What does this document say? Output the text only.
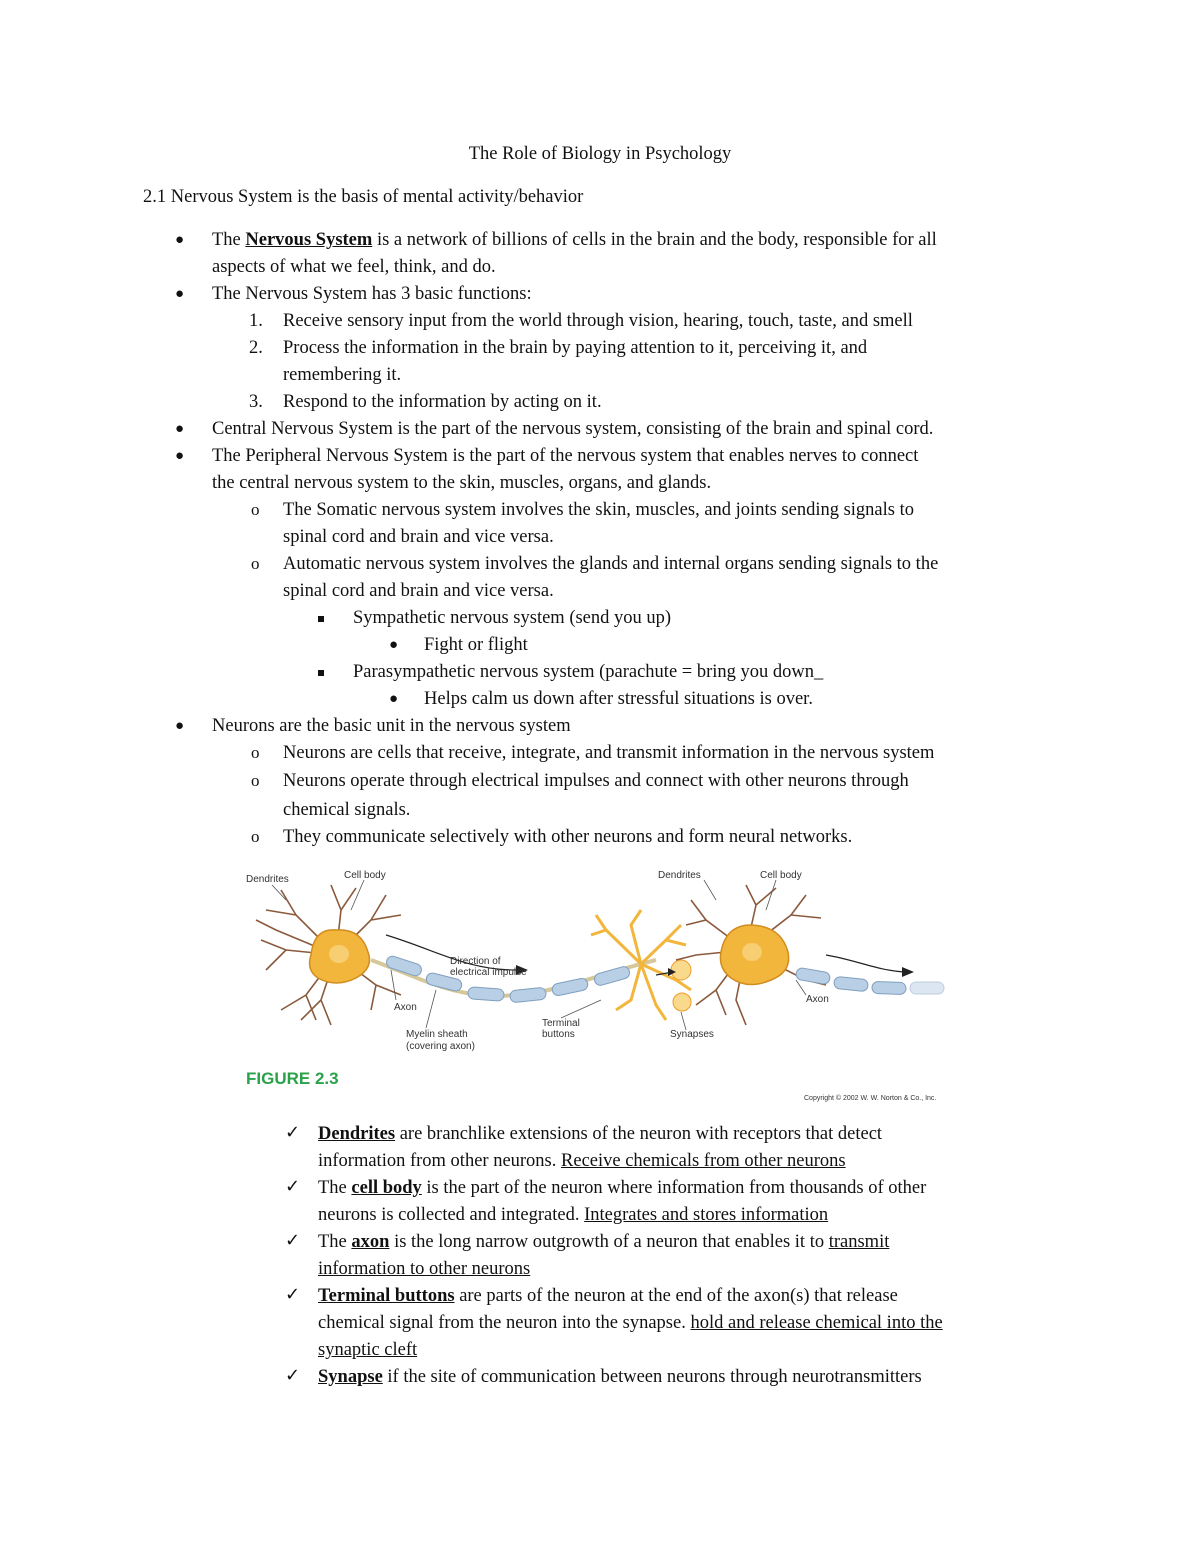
The Role of Biology in Psychology
2.1 Nervous System is the basis of mental activity/behavior
● The Nervous System is a network of billions of cells in the brain and the body, responsible for all
aspects of what we feel, think, and do.
● The Nervous System has 3 basic functions:
1. Receive sensory input from the world through vision, hearing, touch, taste, and smell
2. Process the information in the brain by paying attention to it, perceiving it, and
remembering it.
3. Respond to the information by acting on it.
● Central Nervous System is the part of the nervous system, consisting of the brain and spinal cord.
● The Peripheral Nervous System is the part of the nervous system that enables nerves to connect
the central nervous system to the skin, muscles, organs, and glands.
o The Somatic nervous system involves the skin, muscles, and joints sending signals to
spinal cord and brain and vice versa.
o Automatic nervous system involves the glands and internal organs sending signals to the
spinal cord and brain and vice versa.
Sympathetic nervous system (send you up)
● Fight or flight
Parasympathetic nervous system (parachute = bring you down_
● Helps calm us down after stressful situations is over.
● Neurons are the basic unit in the nervous system
o Neurons are cells that receive, integrate, and transmit information in the nervous system
o Neurons operate through electrical impulses and connect with other neurons through
chemical signals.
o They communicate selectively with other neurons and form neural networks.
Dendrites	Cell body
Direction of
electrical impulse
Axon
Myelin sheath
(covering axon)
Terminal
buttons	Synapses
Dendrites	Cell body
Axon
FIGURE 2.3
Copyright © 2002 W. W. Norton & Co., Inc.
✓ Dendrites are branchlike extensions of the neuron with receptors that detect
information from other neurons. Receive chemicals from other neurons
✓ The cell body is the part of the neuron where information from thousands of other
neurons is collected and integrated. Integrates and stores information
✓ The axon is the long narrow outgrowth of a neuron that enables it to transmit
information to other neurons
✓ Terminal buttons are parts of the neuron at the end of the axon(s) that release
chemical signal from the neuron into the synapse. hold and release chemical into the
synaptic cleft
✓ Synapse if the site of communication between neurons through neurotransmitters
